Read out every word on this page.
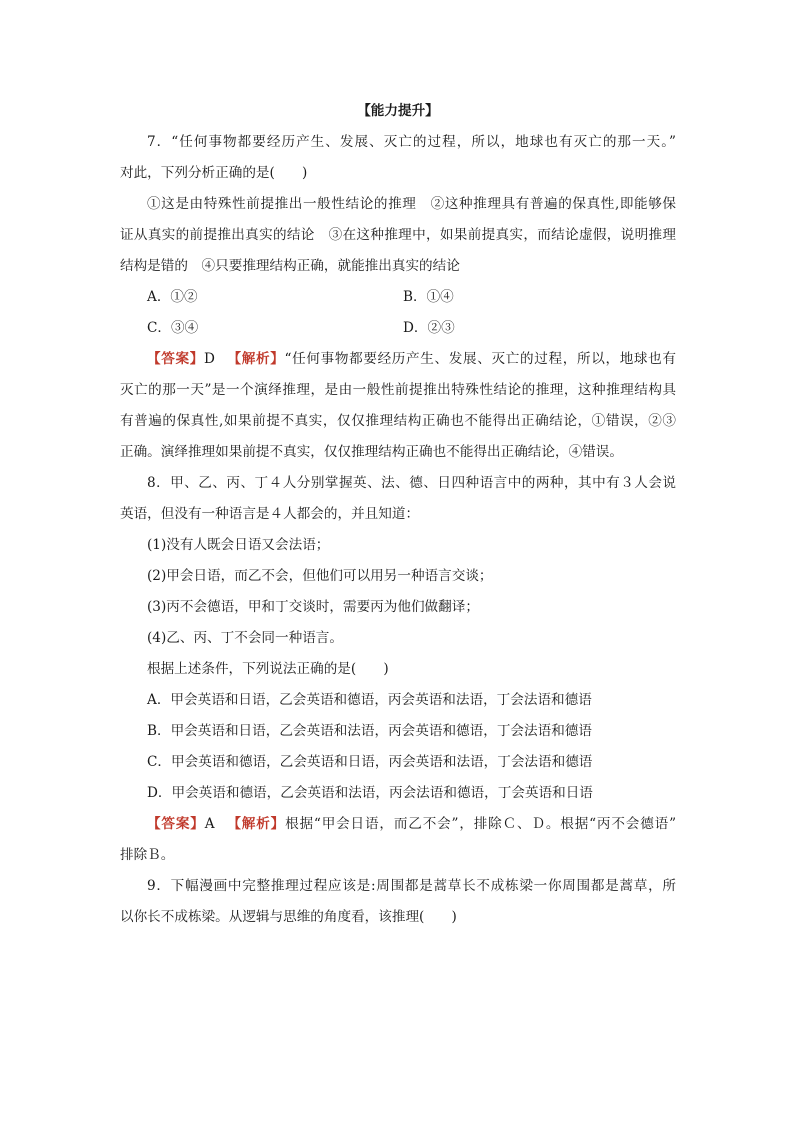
【能力提升】

7．“任何事物都要经历产生、发展、灭亡的过程，所以，地球也有灭亡的那一天。”

对此，下列分析正确的是(　　)

①这是由特殊性前提推出一般性结论的推理　②这种推理具有普遍的保真性,即能够保

证从真实的前提推出真实的结论　③在这种推理中，如果前提真实，而结论虚假，说明推理

结构是错的　④只要推理结构正确，就能推出真实的结论

A．①②	B．①④
C．③④	D．②③

【答案】D 【解析】“任何事物都要经历产生、发展、灭亡的过程，所以，地球也有

灭亡的那一天”是一个演绎推理，是由一般性前提推出特殊性结论的推理，这种推理结构具

有普遍的保真性,如果前提不真实，仅仅推理结构正确也不能得出正确结论，①错误，②③

正确。演绎推理如果前提不真实，仅仅推理结构正确也不能得出正确结论，④错误。

8．甲、乙、丙、丁４人分别掌握英、法、德、日四种语言中的两种，其中有３人会说

英语，但没有一种语言是４人都会的，并且知道：

(1)没有人既会日语又会法语；

(2)甲会日语，而乙不会，但他们可以用另一种语言交谈；

(3)丙不会德语，甲和丁交谈时，需要丙为他们做翻译；

(4)乙、丙、丁不会同一种语言。

根据上述条件，下列说法正确的是(　　)

A．甲会英语和日语，乙会英语和德语，丙会英语和法语，丁会法语和德语

B．甲会英语和日语，乙会英语和法语，丙会英语和德语，丁会法语和德语

C．甲会英语和德语，乙会英语和日语，丙会英语和法语，丁会法语和德语

D．甲会英语和德语，乙会英语和法语，丙会法语和德语，丁会英语和日语

【答案】A 【解析】根据“甲会日语，而乙不会”，排除Ｃ、Ｄ。根据“丙不会德语”

排除Ｂ。

9．下幅漫画中完整推理过程应该是:周围都是蒿草长不成栋梁一你周围都是蒿草，所

以你长不成栋梁。从逻辑与思维的角度看，该推理(　　)
